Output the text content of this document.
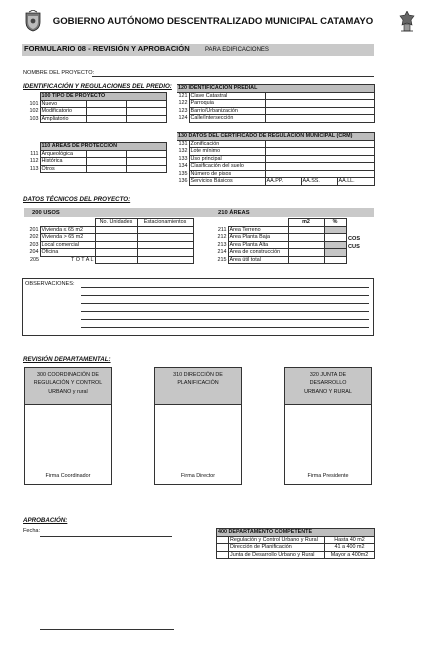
GOBIERNO AUTÓNOMO DESCENTRALIZADO MUNICIPAL CATAMAYO
FORMULARIO 08 - REVISIÓN Y APROBACIÓN	PARA EDIFICACIONES
NOMBRE DEL PROYECTO:
IDENTIFICACIÓN Y REGULACIONES DEL PREDIO:
	100 TIPO DE PROYECTO		
101	Nuevo		
102	Modificatorio		
103	Ampliatorio		
	110 ÁREAS DE PROTECCIÓN		
111	Arqueológica		
112	Histórica		
113	Otros		
120 IDENTIFICACIÓN PREDIAL		
121	Clave Catastral	
122	Parroquia	
123	Barrio/Urbanización	
124	Calle/Intersección	
130 DATOS DEL CERTIFICADO DE REGULACIÓN MUNICIPAL (CRM)				
131	Zonificación			
132	Lote mínimo			
133	Uso principal			
134	Clasificación del suelo			
135	Número de pisos			
136	Servicios Básicos	AA.PP.	AA.SS.	AA.LL.
DATOS TÉCNICOS DEL PROYECTO:
200 USOS	210 ÁREAS
		No. Unidades	Estacionamientos
201	Vivienda ≤ 65 m2		
202	Vivienda > 65 m2		
203	Local comercial		
204	Oficina		
205	T O T A L		
		m2	%
211	Área Terreno		
212	Área Planta Baja		
213	Área Planta Alta		
214	Área de construcción		
215	Área útil total		
COS
CUS
OBSERVACIONES:
REVISIÓN DEPARTAMENTAL:
300 COORDINACIÓN DE REGULACIÓN Y CONTROL URBANO y rural
Firma Coordinador
310 DIRECCIÓN DE PLANIFICACIÓN
Firma Director
320 JUNTA DE DESARROLLO URBANO Y RURAL
Firma Presidente
APROBACIÓN:
Fecha:	400 DEPARTAMENTO COMPETENTE		
	Regulación y Control Urbano y Rural	Hasta 40 m2
	Dirección de Planificación	41 a 400 m2
	Junta de Desarrollo Urbano y Rural	Mayor a 400m2
